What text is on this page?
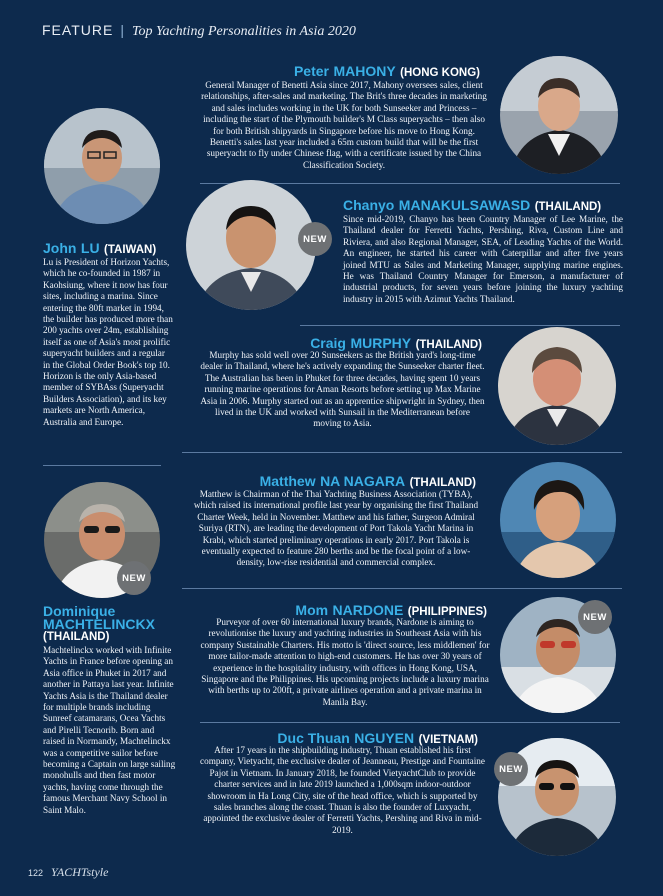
FEATURE | Top Yachting Personalities in Asia 2020
Peter MAHONY (HONG KONG)
General Manager of Benetti Asia since 2017, Mahony oversees sales, client relationships, after-sales and marketing. The Brit's three decades in marketing and sales includes working in the UK for both Sunseeker and Princess – including the start of the Plymouth builder's M Class superyachts – then also for both British shipyards in Singapore before his move to Hong Kong. Benetti's sales last year included a 65m custom build that will be the first superyacht to fly under Chinese flag, with a certificate issued by the China Classification Society.
John LU (TAIWAN)
Lu is President of Horizon Yachts, which he co-founded in 1987 in Kaohsiung, where it now has four sites, including a marina. Since entering the 80ft market in 1994, the builder has produced more than 200 yachts over 24m, establishing itself as one of Asia's most prolific superyacht builders and a regular in the Global Order Book's top 10. Horizon is the only Asia-based member of SYBAss (Superyacht Builders Association), and its key markets are North America, Australia and Europe.
NEW
Chanyo MANAKULSAWASD (THAILAND)
Since mid-2019, Chanyo has been Country Manager of Lee Marine, the Thailand dealer for Ferretti Yachts, Pershing, Riva, Custom Line and Riviera, and also Regional Manager, SEA, of Leading Yachts of the World. An engineer, he started his career with Caterpillar and after five years joined MTU as Sales and Marketing Manager, supplying marine engines. He was Thailand Country Manager for Emerson, a manufacturer of industrial products, for seven years before joining the luxury yachting industry in 2015 with Azimut Yachts Thailand.
Craig MURPHY (THAILAND)
Murphy has sold well over 20 Sunseekers as the British yard's long-time dealer in Thailand, where he's actively expanding the Sunseeker charter fleet. The Australian has been in Phuket for three decades, having spent 10 years running marine operations for Aman Resorts before setting up Max Marine Asia in 2006. Murphy started out as an apprentice shipwright in Sydney, then lived in the UK and worked with Sunsail in the Mediterranean before moving to Asia.
Matthew NA NAGARA (THAILAND)
Matthew is Chairman of the Thai Yachting Business Association (TYBA), which raised its international profile last year by organising the first Thailand Charter Week, held in November. Matthew and his father, Surgeon Admiral Suriya (RTN), are leading the development of Port Takola Yacht Marina in Krabi, which started preliminary operations in early 2017. Port Takola is eventually expected to feature 280 berths and be the focal point of a low-density, low-rise residential and commercial complex.
NEW
Dominique
MACHTELINCKX
(THAILAND)
Machtelinckx worked with Infinite Yachts in France before opening an Asia office in Phuket in 2017 and another in Pattaya last year. Infinite Yachts Asia is the Thailand dealer for multiple brands including Sunreef catamarans, Ocea Yachts and Pirelli Tecnorib. Born and raised in Normandy, Machtelinckx was a competitive sailor before becoming a Captain on large sailing monohulls and then fast motor yachts, having come through the famous Merchant Navy School in Saint Malo.
Mom NARDONE (PHILIPPINES)
Purveyor of over 60 international luxury brands, Nardone is aiming to revolutionise the luxury and yachting industries in Southeast Asia with his company Sustainable Charters. His motto is 'direct source, less middlemen' for more tailor-made attention to high-end customers. He has over 30 years of experience in the hospitality industry, with offices in Hong Kong, USA, Singapore and the Philippines. His upcoming projects include a luxury marina with berths up to 200ft, a private airlines operation and a private marina in Manila Bay.
NEW
Duc Thuan NGUYEN (VIETNAM)
After 17 years in the shipbuilding industry, Thuan established his first company, Vietyacht, the exclusive dealer of Jeanneau, Prestige and Fountaine Pajot in Vietnam. In January 2018, he founded VietyachtClub to provide charter services and in late 2019 launched a 1,000sqm indoor-outdoor showroom in Ha Long City, site of the head office, which is supported by sales branches along the coast. Thuan is also the founder of Luxyacht, appointed the exclusive dealer of Ferretti Yachts, Pershing and Riva in mid-2019.
NEW
122 YACHTstyle
